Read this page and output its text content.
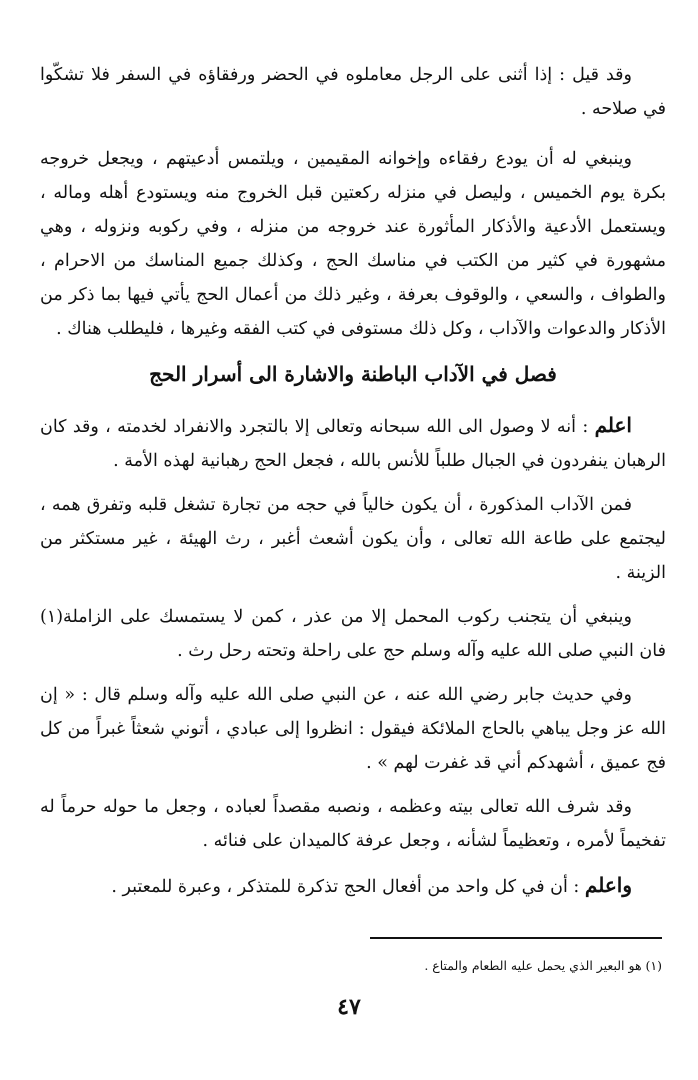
وقد قيل : إذا أثنى على الرجل معاملوه في الحضر ورفقاؤه في السفر فلا تشكّوا في صلاحه .

وينبغي له أن يودع رفقاءه وإخوانه المقيمين ، ويلتمس أدعيتهم ، ويجعل خروجه بكرة يوم الخميس ، وليصل في منزله ركعتين قبل الخروج منه ويستودع أهله وماله ، ويستعمل الأدعية والأذكار المأثورة عند خروجه من منزله ، وفي ركوبه ونزوله ، وهي مشهورة في كثير من الكتب في مناسك الحج ، وكذلك جميع المناسك من الاحرام ، والطواف ، والسعي ، والوقوف بعرفة ، وغير ذلك من أعمال الحج يأتي فيها بما ذكر من الأذكار والدعوات والآداب ، وكل ذلك مستوفى في كتب الفقه وغيرها ، فليطلب هناك .

فصل في الآداب الباطنة والاشارة الى أسرار الحج

اعلم : أنه لا وصول الى الله سبحانه وتعالى إلا بالتجرد والانفراد لخدمته ، وقد كان الرهبان ينفردون في الجبال طلباً للأنس بالله ، فجعل الحج رهبانية لهذه الأمة .

فمن الآداب المذكورة ، أن يكون خالياً في حجه من تجارة تشغل قلبه وتفرق همه ، ليجتمع على طاعة الله تعالى ، وأن يكون أشعث أغبر ، رث الهيئة ، غير مستكثر من الزينة .

وينبغي أن يتجنب ركوب المحمل إلا من عذر ، كمن لا يستمسك على الزاملة(١) فان النبي صلى الله عليه وآله وسلم حج على راحلة وتحته رحل رث .

وفي حديث جابر رضي الله عنه ، عن النبي صلى الله عليه وآله وسلم قال : « إن الله عز وجل يباهي بالحاج الملائكة فيقول : انظروا إلى عبادي ، أتوني شعثاً غبراً من كل فج عميق ، أشهدكم أني قد غفرت لهم » .

وقد شرف الله تعالى بيته وعظمه ، ونصبه مقصداً لعباده ، وجعل ما حوله حرماً له تفخيماً لأمره ، وتعظيماً لشأنه ، وجعل عرفة كالميدان على فنائه .

واعلم : أن في كل واحد من أفعال الحج تذكرة للمتذكر ، وعبرة للمعتبر .

(١) هو البعير الذي يحمل عليه الطعام والمتاع .
٤٧
